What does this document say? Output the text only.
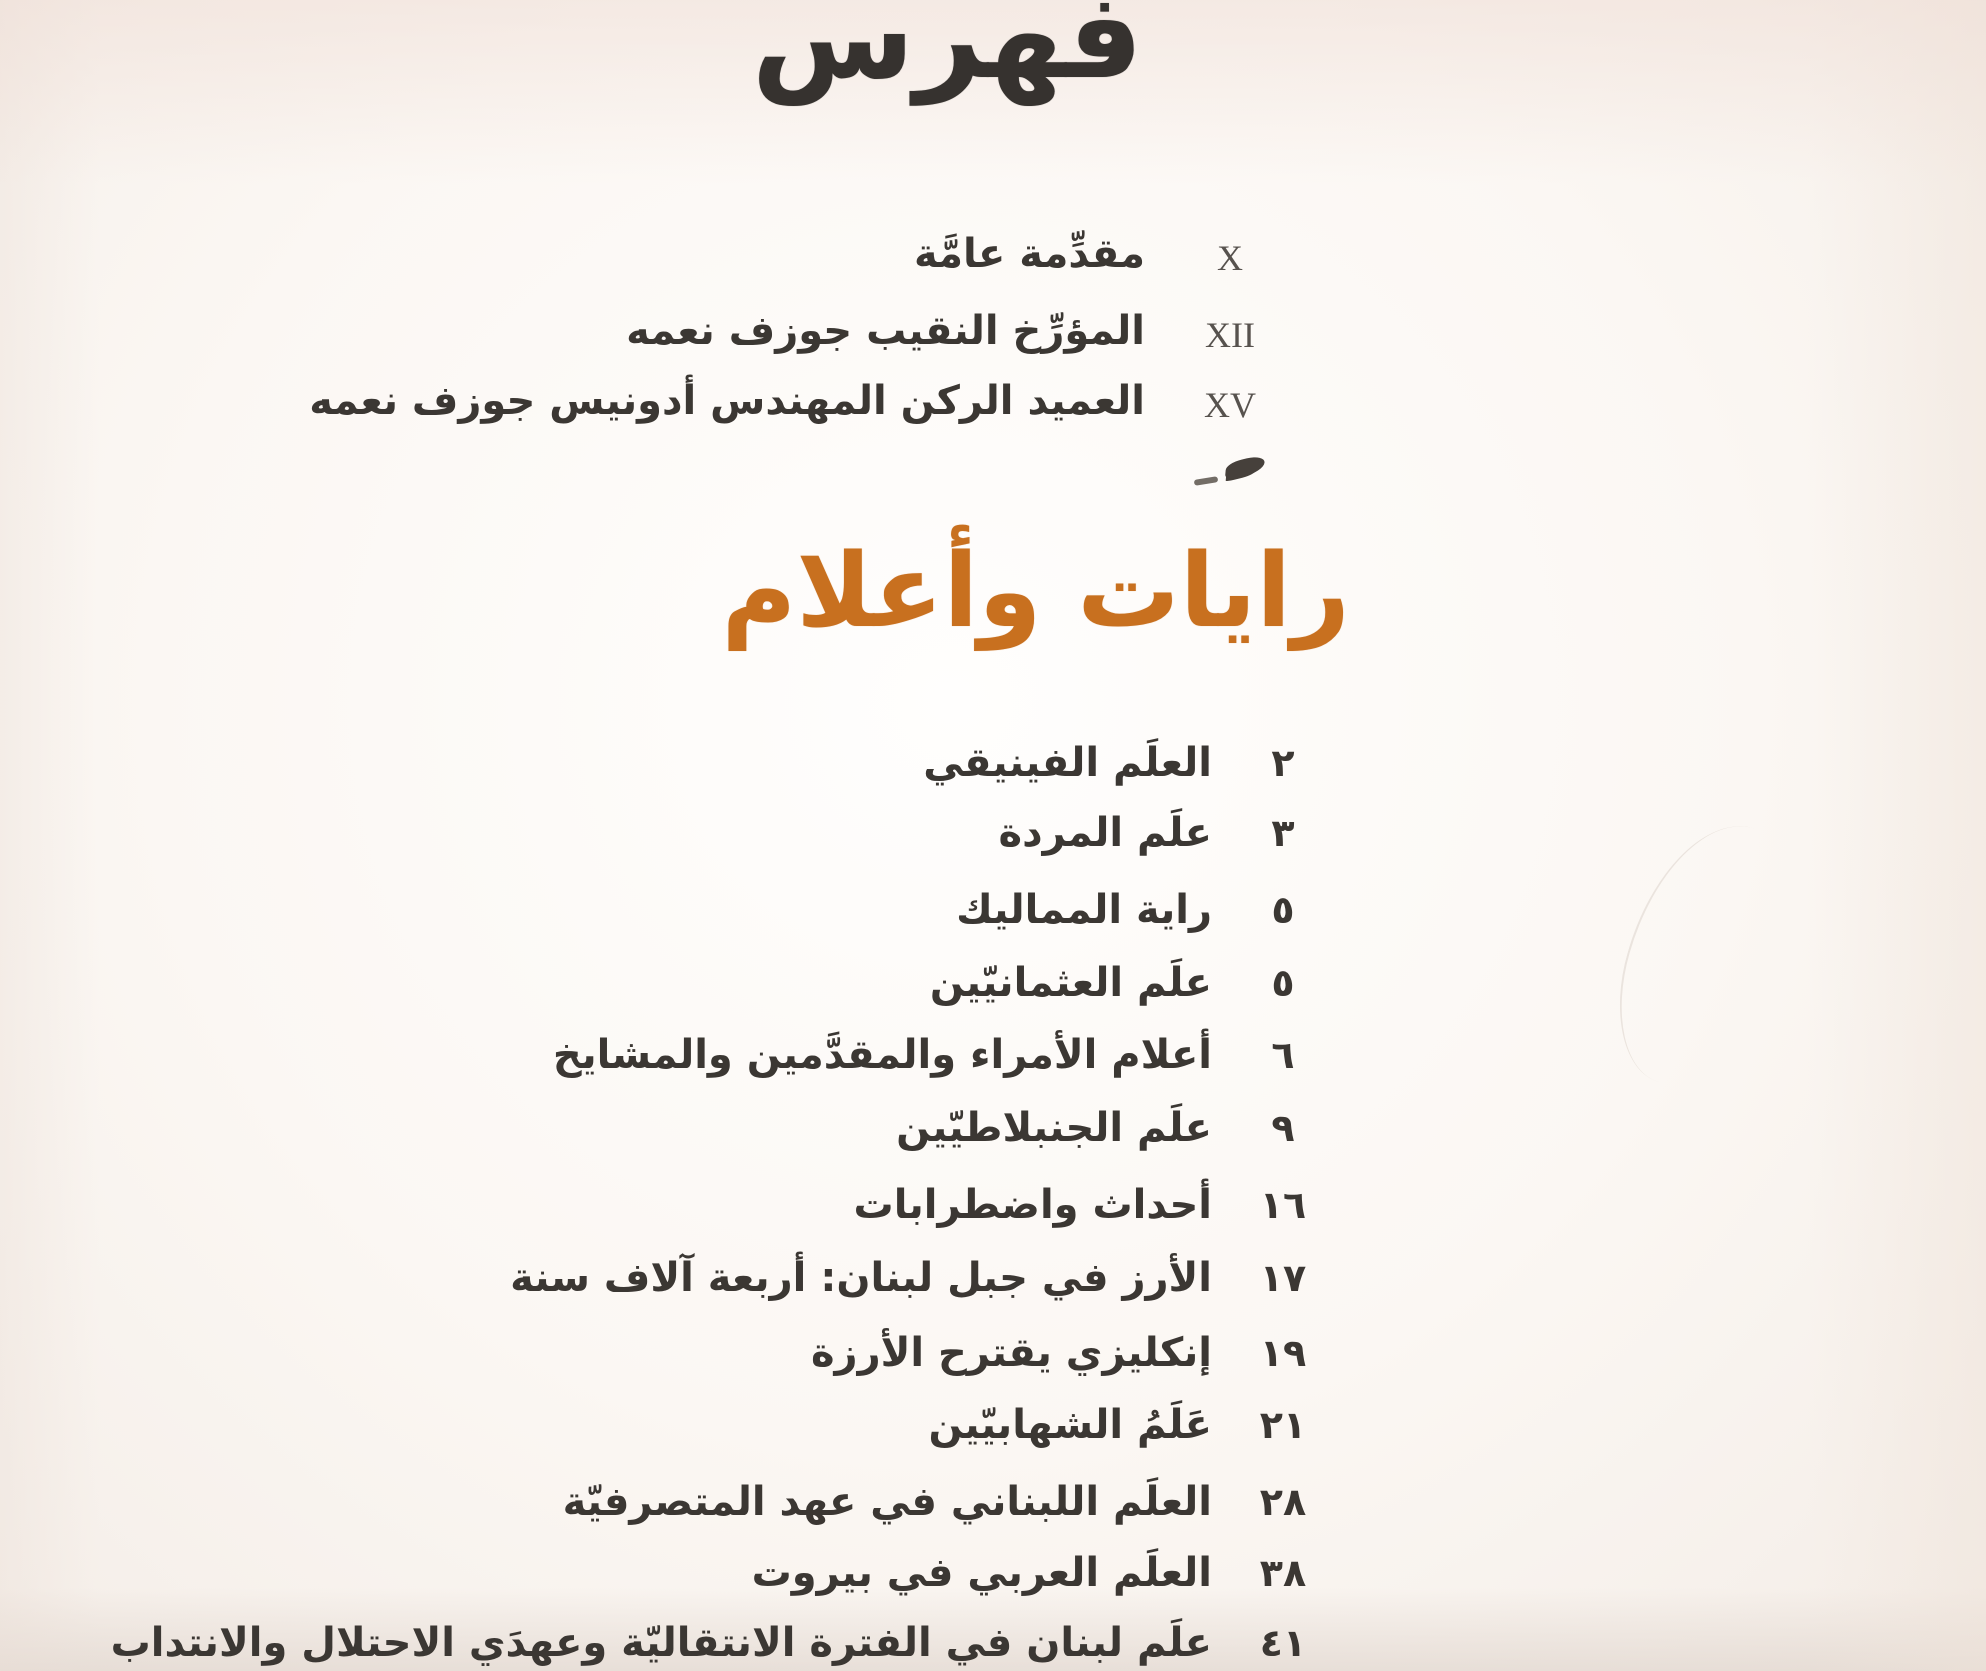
فهرس
X
مقدِّمة عامَّة
XII
المؤرِّخ النقيب جوزف نعمه
XV
العميد الركن المهندس أدونيس جوزف نعمه
رايات وأعلام
٢
العلَم الفينيقي
٣
علَم المردة
٥
راية المماليك
٥
علَم العثمانيّين
٦
أعلام الأمراء والمقدَّمين والمشايخ
٩
علَم الجنبلاطيّين
١٦
أحداث واضطرابات
١٧
الأرز في جبل لبنان: أربعة آلاف سنة
١٩
إنكليزي يقترح الأرزة
٢١
عَلَمُ الشهابيّين
٢٨
العلَم اللبناني في عهد المتصرفيّة
٣٨
العلَم العربي في بيروت
٤١
علَم لبنان في الفترة الانتقاليّة وعهدَي الاحتلال والانتداب
